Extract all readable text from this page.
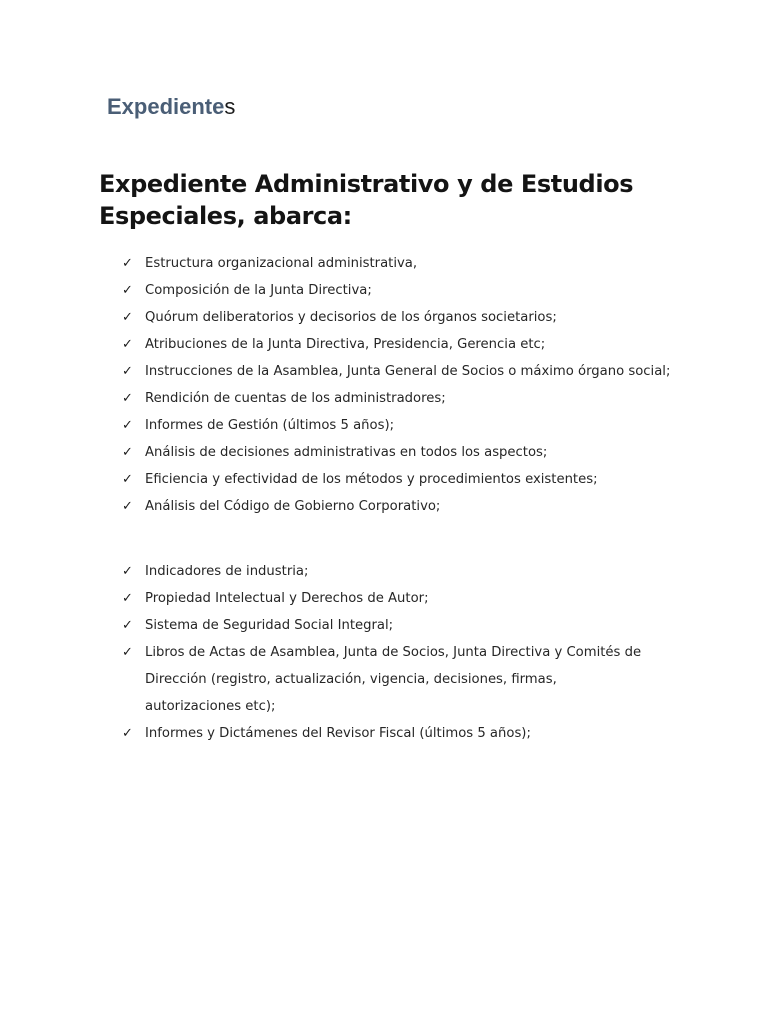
Expedientes
Expediente Administrativo y de Estudios Especiales, abarca:
✓ Estructura organizacional administrativa,
✓ Composición de la Junta Directiva;
✓ Quórum deliberatorios y decisorios de los órganos societarios;
✓ Atribuciones de la Junta Directiva, Presidencia, Gerencia etc;
✓ Instrucciones de la Asamblea, Junta General de Socios o máximo órgano social;
✓ Rendición de cuentas de los administradores;
✓ Informes de Gestión (últimos 5 años);
✓ Análisis de decisiones administrativas en todos los aspectos;
✓ Eficiencia y efectividad de los métodos y procedimientos existentes;
✓ Análisis del Código de Gobierno Corporativo;
✓ Indicadores de industria;
✓ Propiedad Intelectual y Derechos de Autor;
✓ Sistema de Seguridad Social Integral;
✓ Libros de Actas de Asamblea, Junta de Socios, Junta Directiva y Comités de Dirección (registro, actualización, vigencia, decisiones, firmas, autorizaciones etc);
✓ Informes y Dictámenes del Revisor Fiscal (últimos 5 años);
